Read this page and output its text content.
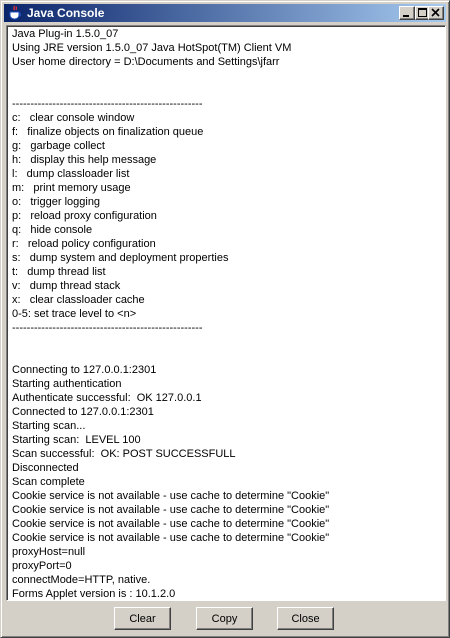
Java Console
Java Plug-in 1.5.0_07
Using JRE version 1.5.0_07 Java HotSpot(TM) Client VM
User home directory = D:\Documents and Settings\jfarr
----------------------------------------------------
c:   clear console window
f:   finalize objects on finalization queue
g:   garbage collect
h:   display this help message
l:   dump classloader list
m:   print memory usage
o:   trigger logging
p:   reload proxy configuration
q:   hide console
r:   reload policy configuration
s:   dump system and deployment properties
t:   dump thread list
v:   dump thread stack
x:   clear classloader cache
0-5: set trace level to <n>
----------------------------------------------------
Connecting to 127.0.0.1:2301
Starting authentication
Authenticate successful:  OK 127.0.0.1
Connected to 127.0.0.1:2301
Starting scan...
Starting scan:  LEVEL 100
Scan successful:  OK: POST SUCCESSFULL
Disconnected
Scan complete
Cookie service is not available - use cache to determine "Cookie"
Cookie service is not available - use cache to determine "Cookie"
Cookie service is not available - use cache to determine "Cookie"
Cookie service is not available - use cache to determine "Cookie"
proxyHost=null
proxyPort=0
connectMode=HTTP, native.
Forms Applet version is : 10.1.2.0
Clear	Copy	Close
